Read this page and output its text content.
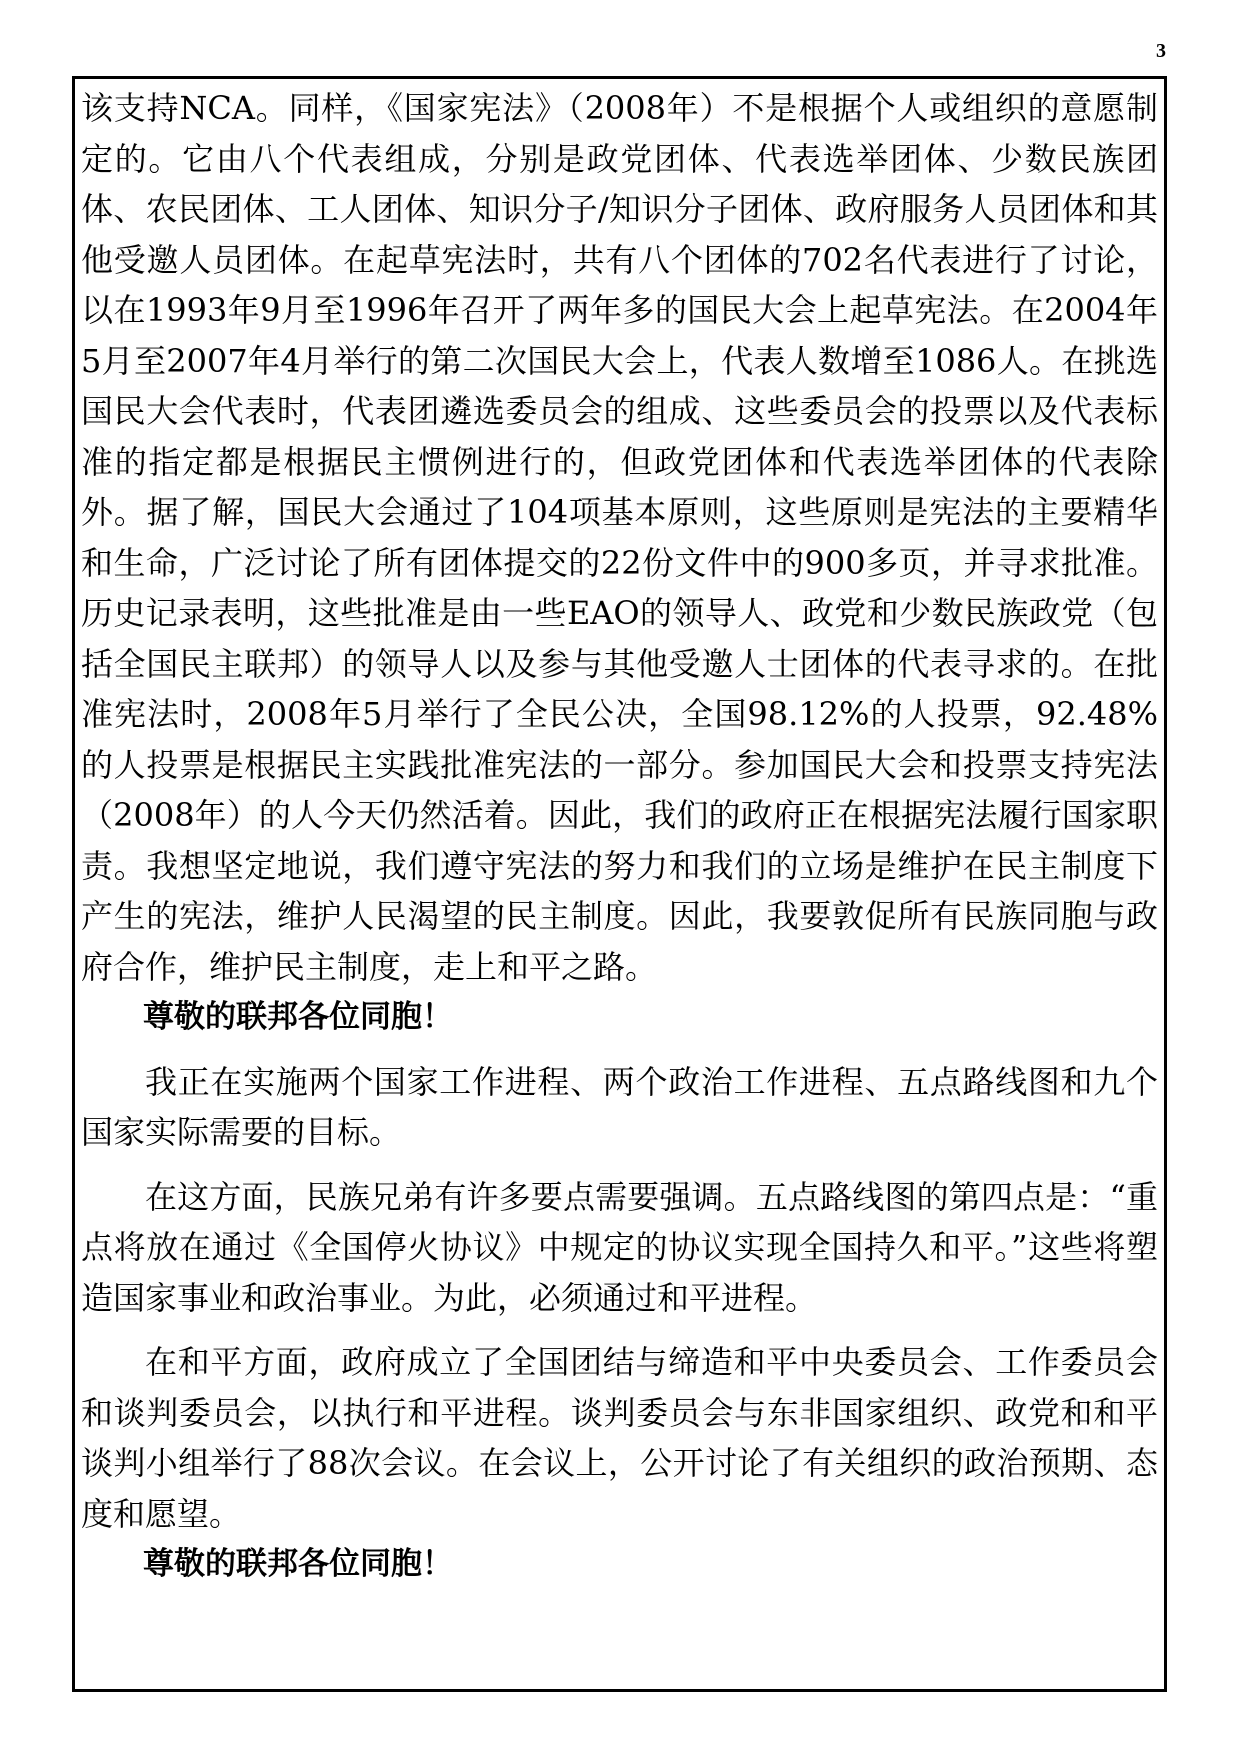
3

该支持NCA。同样，《国家宪法》（2008年）不是根据个人或组织的意愿制定的。它由八个代表组成，分别是政党团体、代表选举团体、少数民族团体、农民团体、工人团体、知识分子/知识分子团体、政府服务人员团体和其他受邀人员团体。在起草宪法时，共有八个团体的702名代表进行了讨论，以在1993年9月至1996年召开了两年多的国民大会上起草宪法。在2004年5月至2007年4月举行的第二次国民大会上，代表人数增至1086人。在挑选国民大会代表时，代表团遴选委员会的组成、这些委员会的投票以及代表标准的指定都是根据民主惯例进行的，但政党团体和代表选举团体的代表除外。据了解，国民大会通过了104项基本原则，这些原则是宪法的主要精华和生命，广泛讨论了所有团体提交的22份文件中的900多页，并寻求批准。历史记录表明，这些批准是由一些EAO的领导人、政党和少数民族政党（包括全国民主联邦）的领导人以及参与其他受邀人士团体的代表寻求的。在批准宪法时，2008年5月举行了全民公决，全国98.12%的人投票，92.48%的人投票是根据民主实践批准宪法的一部分。参加国民大会和投票支持宪法（2008年）的人今天仍然活着。因此，我们的政府正在根据宪法履行国家职责。我想坚定地说，我们遵守宪法的努力和我们的立场是维护在民主制度下产生的宪法，维护人民渴望的民主制度。因此，我要敦促所有民族同胞与政府合作，维护民主制度，走上和平之路。

尊敬的联邦各位同胞！

我正在实施两个国家工作进程、两个政治工作进程、五点路线图和九个国家实际需要的目标。

在这方面，民族兄弟有许多要点需要强调。五点路线图的第四点是：“重点将放在通过《全国停火协议》中规定的协议实现全国持久和平。”这些将塑造国家事业和政治事业。为此，必须通过和平进程。

在和平方面，政府成立了全国团结与缔造和平中央委员会、工作委员会和谈判委员会，以执行和平进程。谈判委员会与东非国家组织、政党和和平谈判小组举行了88次会议。在会议上，公开讨论了有关组织的政治预期、态度和愿望。

尊敬的联邦各位同胞！
